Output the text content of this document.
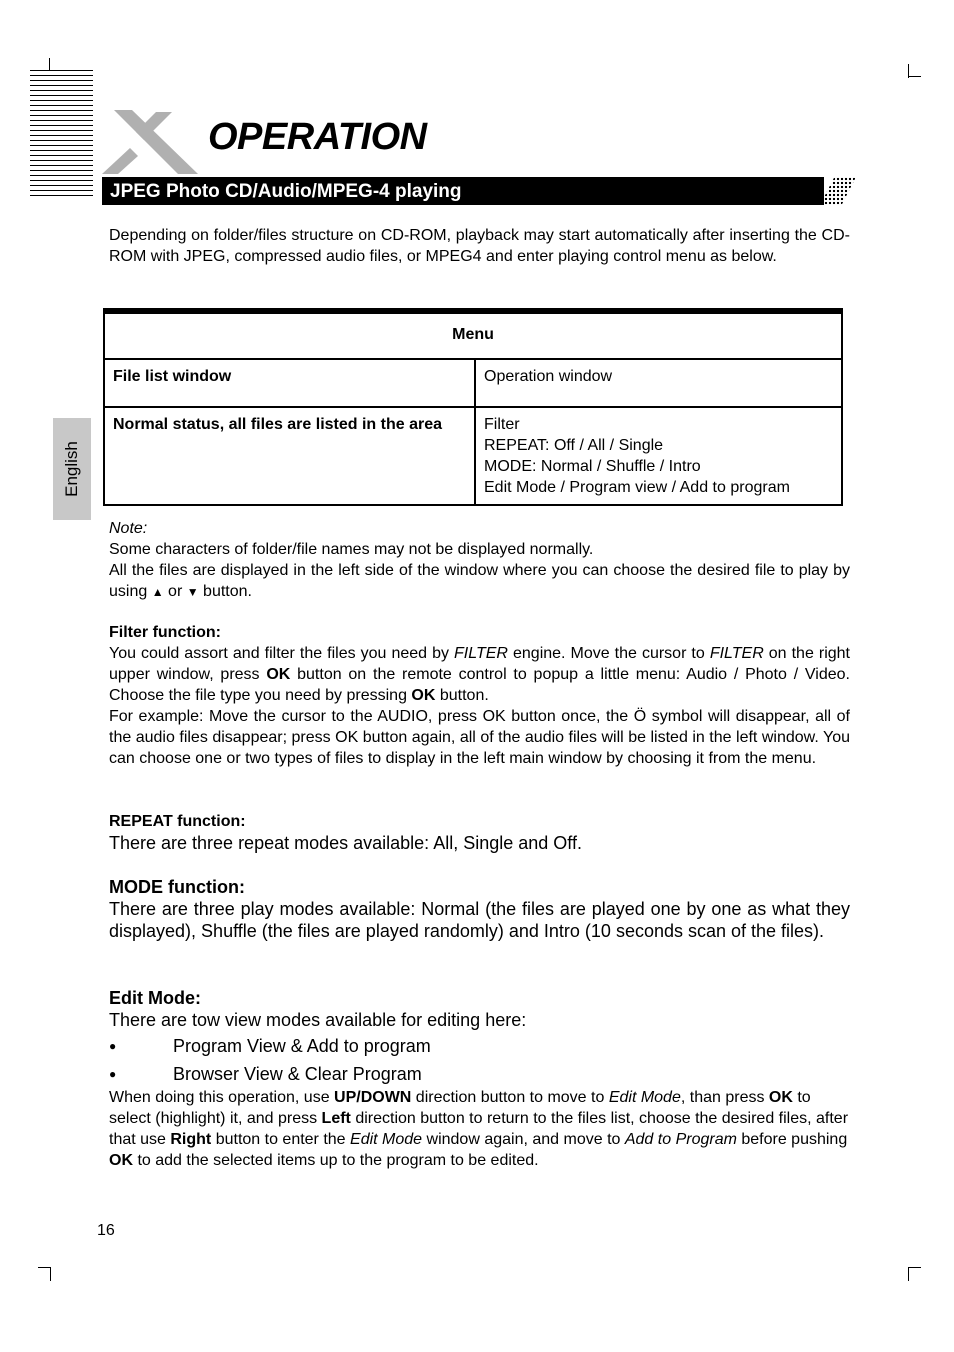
OPERATION
JPEG Photo CD/Audio/MPEG-4 playing
English
Depending on folder/files structure on CD-ROM, playback may start automatically after inserting the CD-ROM with JPEG, compressed audio files, or MPEG4 and enter playing control menu as below.
Menu	
File list window	Operation window
Normal status, all files are listed in the area	Filter
REPEAT: Off / All / Single
MODE: Normal / Shuffle / Intro
Edit Mode / Program view / Add to program
Note:
Some characters of folder/file names may not be displayed normally.
All the files are displayed in the left side of the window where you can choose the desired file to play by using ▲ or ▼ button.
Filter function:
You could assort and filter the files you need by FILTER engine. Move the cursor to FILTER on the right upper window, press OK button on the remote control to popup a little menu: Audio / Photo / Video. Choose the file type you need by pressing OK button.
For example: Move the cursor to the AUDIO, press OK button once, the Ö symbol will disappear, all of the audio files disappear; press OK button again, all of the audio files will be listed in the left window. You can choose one or two types of files to display in the left main window by choosing it from the menu.
REPEAT function:
There are three repeat modes available: All, Single and Off.
MODE function:
There are three play modes available: Normal (the files are played one by one as what they displayed), Shuffle (the files are played randomly) and Intro (10 seconds scan of the files).
Edit Mode:
There are tow view modes available for editing here:
●	Program View & Add to program
●	Browser View & Clear Program
When doing this operation, use UP/DOWN direction button to move to Edit Mode, than press OK to select (highlight) it, and press Left direction button to return to the files list, choose the desired files, after that use Right button to enter the Edit Mode window again, and move to Add to Program before pushing OK to add the selected items up to the program to be edited.
16
